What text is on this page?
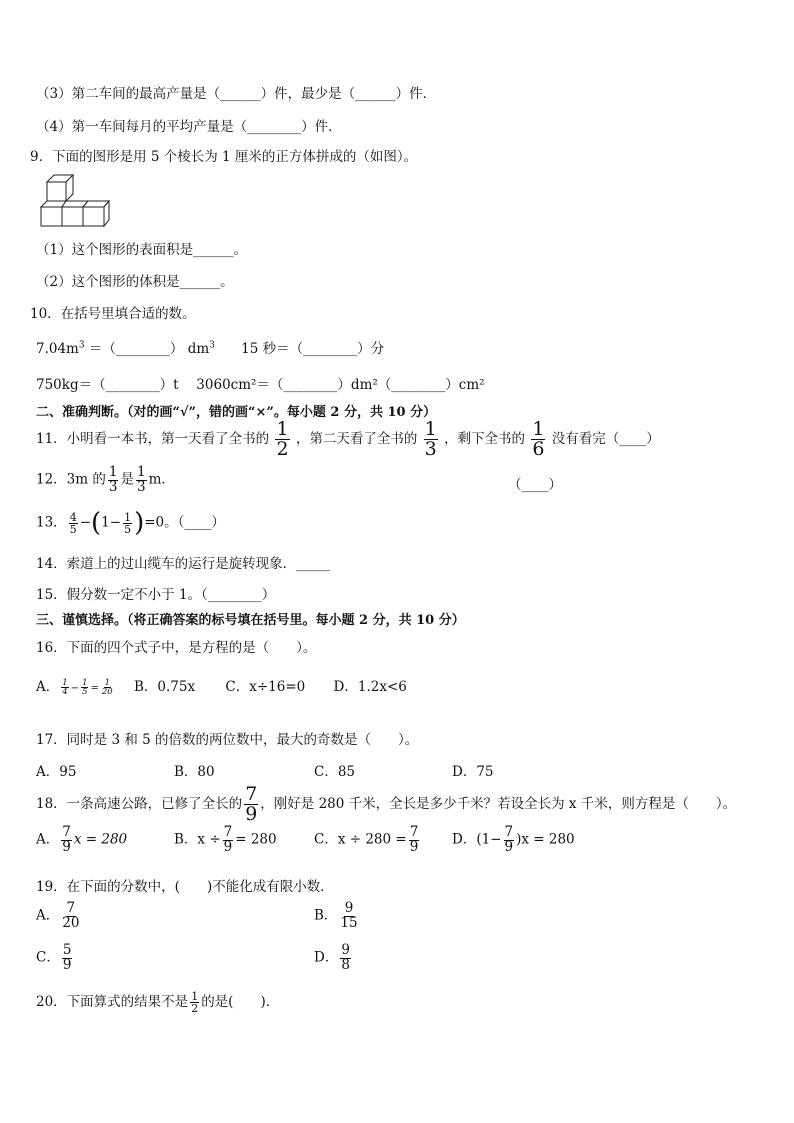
（3）第二车间的最高产量是（______）件，最少是（______）件．
（4）第一车间每月的平均产量是（________）件．
9．下面的图形是用 5 个棱长为 1 厘米的正方体拼成的（如图）。
（1）这个图形的表面积是______。
（2）这个图形的体积是______。
10．在括号里填合适的数。
$7.04m^3$ ＝（________） $dm^3$ 15 秒＝（________）分
750kg＝（________）t　 3060cm²＝（________）dm²（________）cm²
二、准确判断。（对的画“√”，错的画“×”。每小题 2 分，共 10 分）
11．小明看一本书，第一天看了全书的 $\frac{1}{2}$ ，第二天看了全书的 $\frac{1}{3}$ ，剩下全书的 $\frac{1}{6}$ 没有看完（____）
12．3m 的 $\frac{1}{3}$ 是 $\frac{1}{3}$ m．	（____）
13． $\frac{4}{5} -(1- \frac{1}{5} )=0$。（____）
14．索道上的过山缆车的运行是旋转现象．_____
15．假分数一定不小于 1。（________）
三、谨慎选择。（将正确答案的标号填在括号里。每小题 2 分，共 10 分）
16．下面的四个式子中，是方程的是（　　）。
A． $\frac{1}{4} - \frac{1}{5} = \frac{1}{20}$ B．0.75x C．x÷16=0 D．1.2x<6
17．同时是 3 和 5 的倍数的两位数中，最大的奇数是（　　）。
A．95	B．80	C．85	D．75
18．一条高速公路，已修了全长的 $\frac{7}{9}$ ，刚好是 280 千米，全长是多少千米？若设全长为 x 千米，则方程是（　　）。
A． $\frac{7}{9}$ x = 280	B．$x \div \frac{7}{9} = 280$	C．$x \div 280 = \frac{7}{9}$ D．$(1- \frac{7}{9} )x = 280$
19．在下面的分数中，(　　)不能化成有限小数．
A． $\frac{7}{20}$	B． $\frac{9}{15}$
C． $\frac{5}{9}$	D． $\frac{9}{8}$
20．下面算式的结果不是 $\frac{1}{2}$ 的是(　　)．
